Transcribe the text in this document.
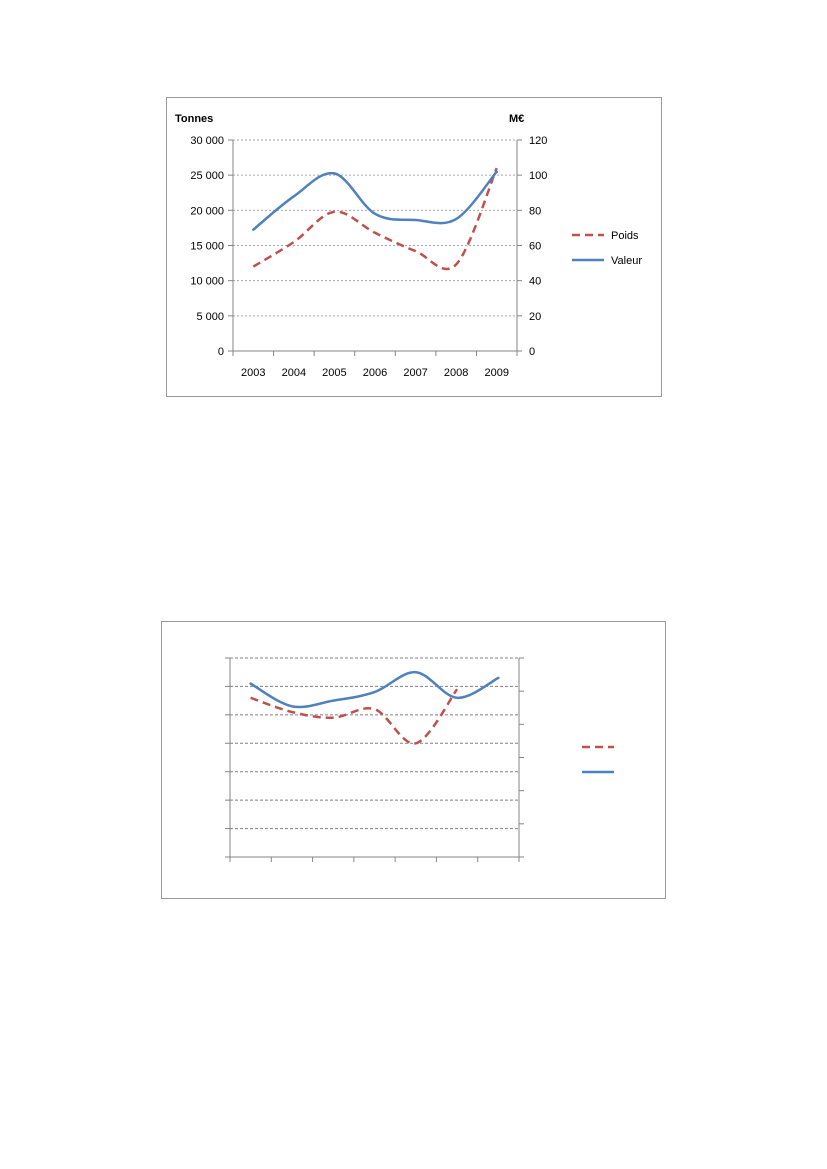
0	0
5 000	20
10 000	40
15 000	60
20 000	80
25 000	100
30 000	120
2003 2004 2005 2006 2007 2008 2009
Tonnes	M€
Poids
Valeur
